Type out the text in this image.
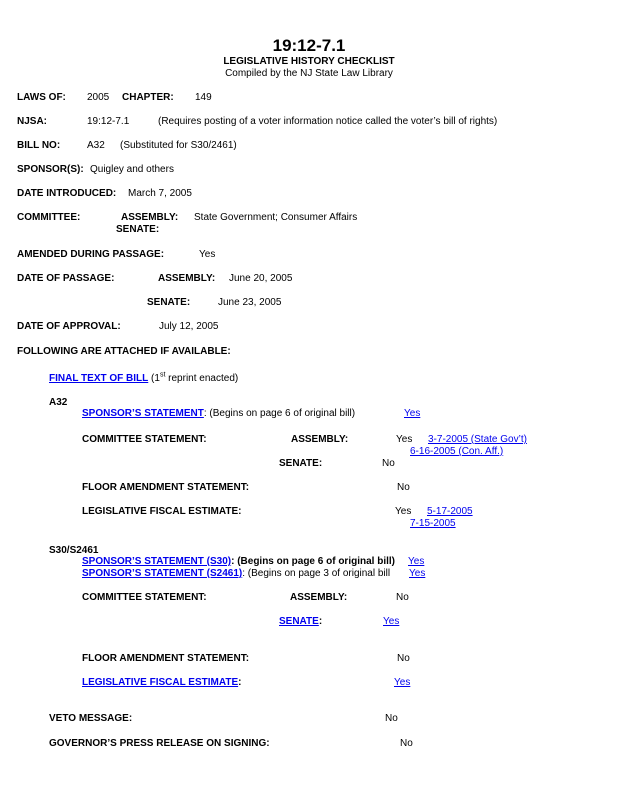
19:12-7.1
LEGISLATIVE HISTORY CHECKLIST
Compiled by the NJ State Law Library
LAWS OF: 2005 CHAPTER: 149
NJSA:	19:12-7.1	(Requires posting of a voter information notice called the voter’s bill of rights)
BILL NO:	A32 (Substituted for S30/2461)
SPONSOR(S): Quigley and others
DATE INTRODUCED: March 7, 2005
COMMITTEE:	ASSEMBLY: State Government; Consumer Affairs
SENATE:
AMENDED DURING PASSAGE:	Yes
DATE OF PASSAGE:	ASSEMBLY: June 20, 2005
SENATE:	June 23, 2005
DATE OF APPROVAL:	July 12, 2005
FOLLOWING ARE ATTACHED IF AVAILABLE:
FINAL TEXT OF BILL (1st reprint enacted)
A32
SPONSOR’S STATEMENT: (Begins on page 6 of original bill)	Yes
COMMITTEE STATEMENT:	ASSEMBLY:	Yes 3-7-2005 (State Gov’t)
6-16-2005 (Con. Aff.)
SENATE:	No
FLOOR AMENDMENT STATEMENT:	No
LEGISLATIVE FISCAL ESTIMATE:	Yes 5-17-2005
7-15-2005
S30/S2461
SPONSOR’S STATEMENT (S30): (Begins on page 6 of original bill) Yes
SPONSOR’S STATEMENT (S2461): (Begins on page 3 of original bill Yes
COMMITTEE STATEMENT:	ASSEMBLY:	No
SENATE:	Yes
FLOOR AMENDMENT STATEMENT:	No
LEGISLATIVE FISCAL ESTIMATE:	Yes
VETO MESSAGE:	No
GOVERNOR’S PRESS RELEASE ON SIGNING:	No
